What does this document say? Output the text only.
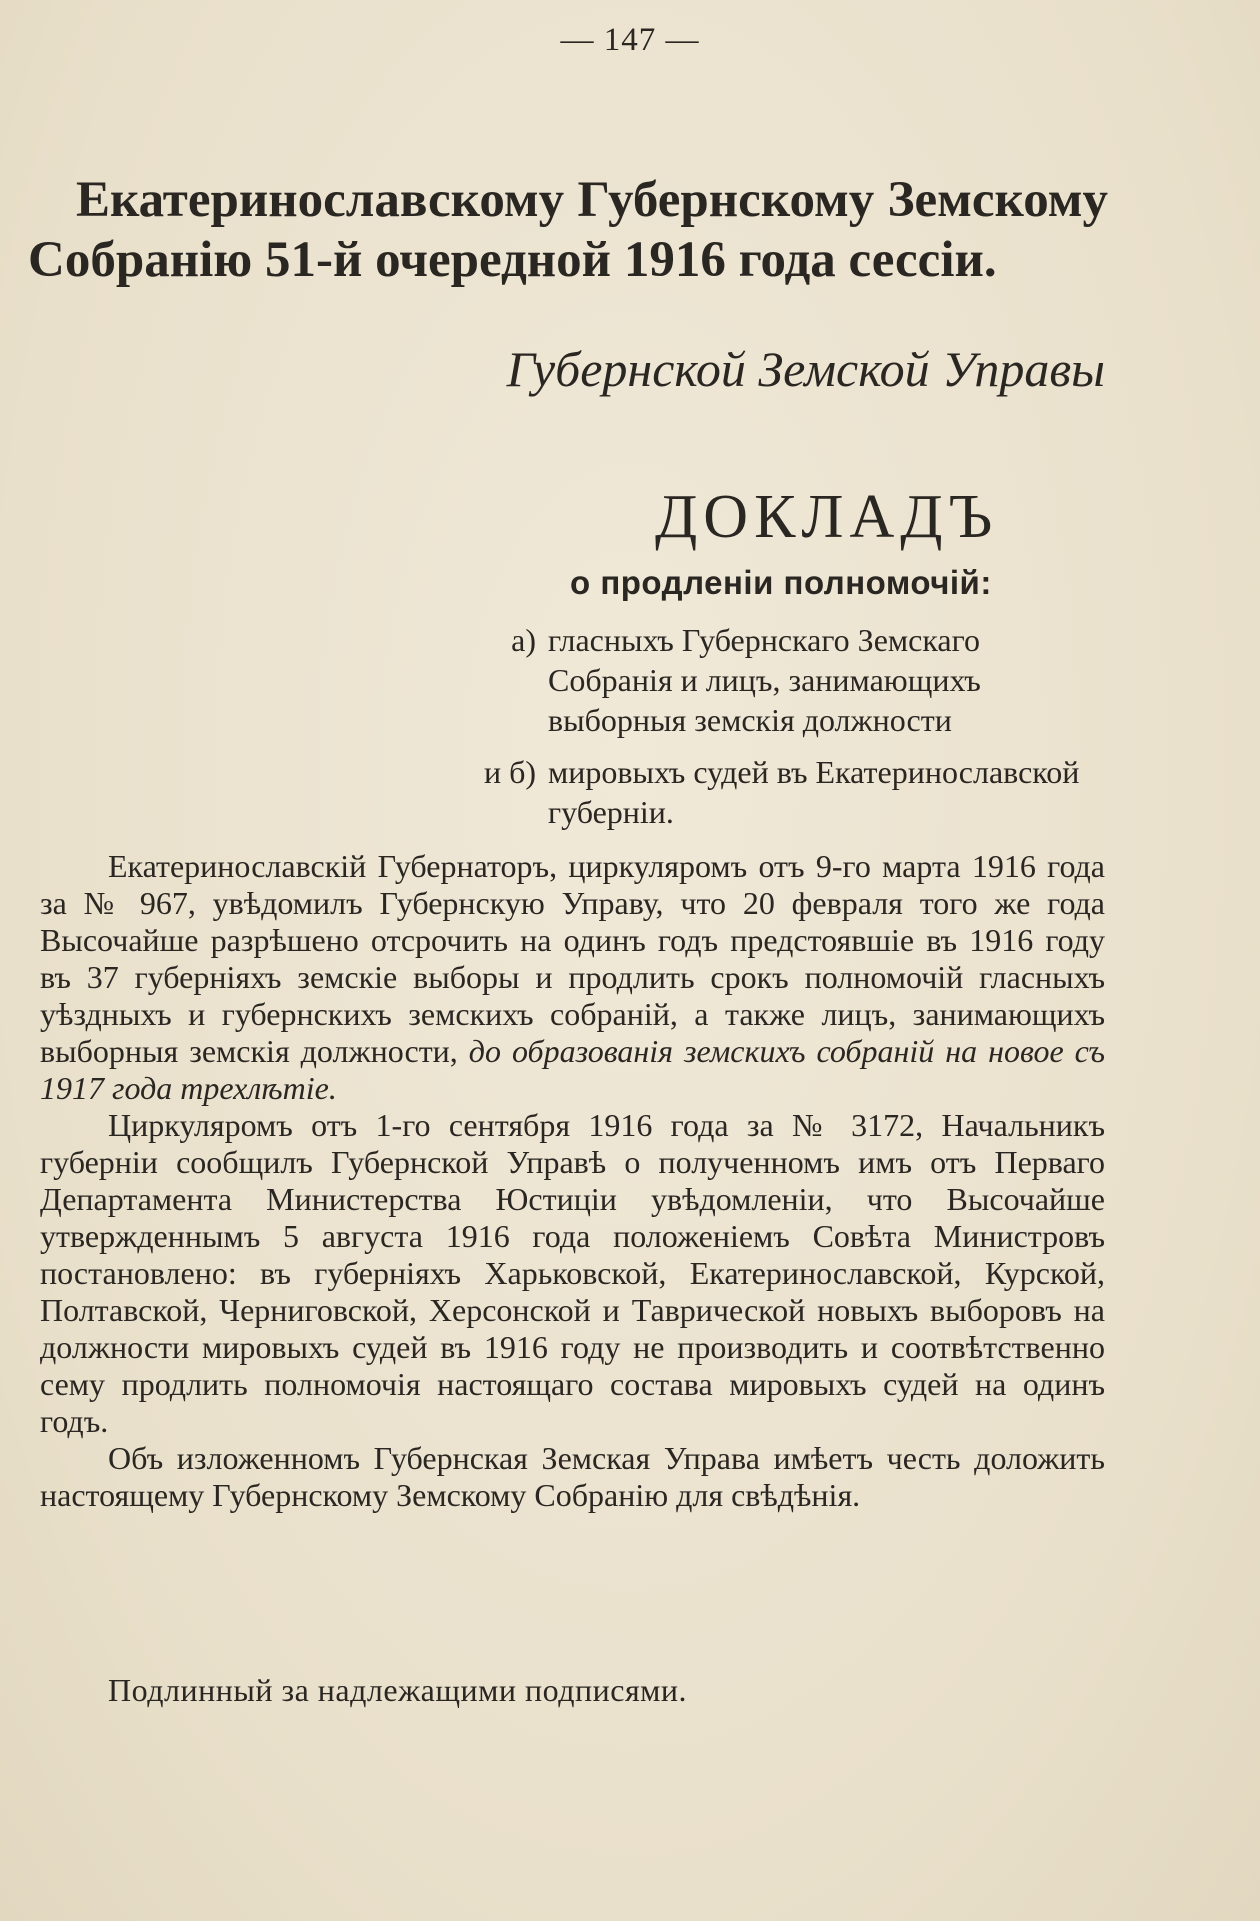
— 147 —
Екатеринославскому Губернскому Земскому
Собранію 51-й очередной 1916 года сессіи.
Губернской Земской Управы
ДОКЛАДЪ
о продленіи полномочій:
а) гласныхъ Губернскаго Земскаго Собранія и лицъ, занимающихъ выборныя земскія должности
и б) мировыхъ судей въ Екатеринославской губерніи.

Екатеринославскій Губернаторъ, циркуляромъ отъ 9-го марта 1916 года за № 967, увѣдомилъ Губернскую Управу, что 20 февраля того же года Высочайше разрѣшено отсрочить на одинъ годъ предстоявшіе въ 1916 году въ 37 губерніяхъ земскіе выборы и продлить срокъ полномочій гласныхъ уѣздныхъ и губернскихъ земскихъ собраній, а также лицъ, занимающихъ выборныя земскія должности, до образованія земскихъ собраній на новое съ 1917 года трехлѣтіе.

Циркуляромъ отъ 1-го сентября 1916 года за № 3172, Начальникъ губерніи сообщилъ Губернской Управѣ о полученномъ имъ отъ Перваго Департамента Министерства Юстиціи увѣдомленіи, что Высочайше утвержденнымъ 5 августа 1916 года положеніемъ Совѣта Министровъ постановлено: въ губерніяхъ Харьковской, Екатеринославской, Курской, Полтавской, Черниговской, Херсонской и Таврической новыхъ выборовъ на должности мировыхъ судей въ 1916 году не производить и соотвѣтственно сему продлить полномочія настоящаго состава мировыхъ судей на одинъ годъ.

Объ изложенномъ Губернская Земская Управа имѣетъ честь доложить настоящему Губернскому Земскому Собранію для свѣдѣнія.

Подлинный за надлежащими подписями.
